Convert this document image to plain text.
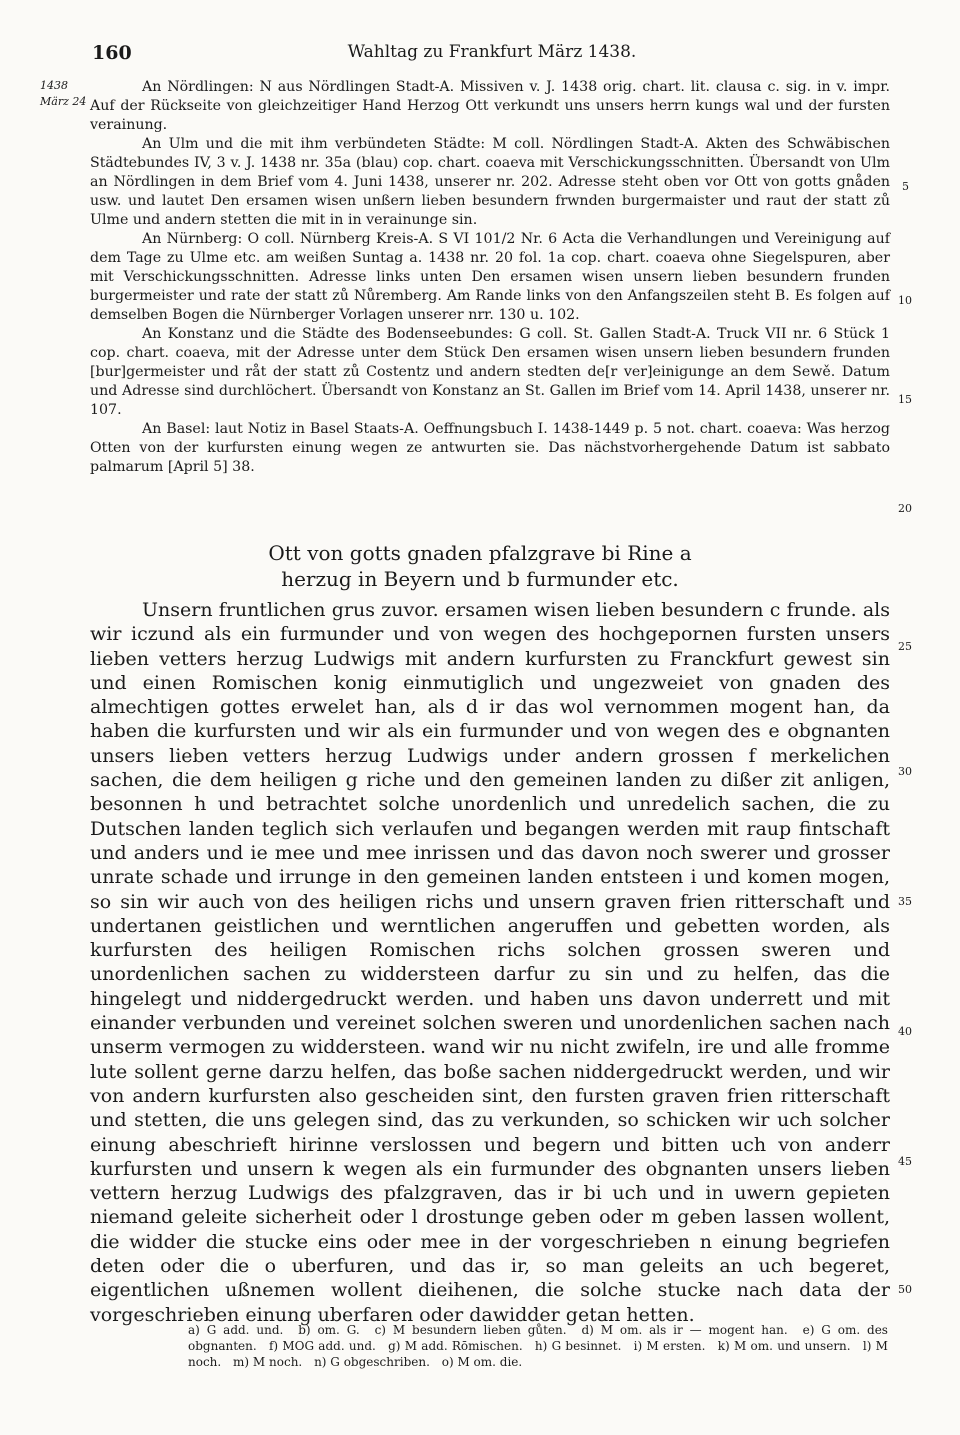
160	Wahltag zu Frankfurt März 1438.
1438
März 24

An Nördlingen: N aus Nördlingen Stadt-A. Missiven v. J. 1438 orig. chart. lit. clausa c. sig. in v. impr. Auf der Rückseite von gleichzeitiger Hand Herzog Ott verkundt uns unsers herrn kungs wal und der fursten verainung.

An Ulm und die mit ihm verbündeten Städte: M coll. Nördlingen Stadt-A. Akten des Schwäbischen Städtebundes IV, 3 v. J. 1438 nr. 35a (blau) cop. chart. coaeva mit Verschickungsschnitten. Übersandt von Ulm an Nördlingen in dem Brief vom 4. Juni 1438, unserer nr. 202. Adresse steht oben vor Ott von gotts gnåden usw. und lautet Den ersamen wisen unßern lieben besundern frwnden burgermaister und raut der statt zů Ulme und andern stetten die mit in in verainunge sin.

An Nürnberg: O coll. Nürnberg Kreis-A. S VI 101/2 Nr. 6 Acta die Verhandlungen und Vereinigung auf dem Tage zu Ulme etc. am weißen Suntag a. 1438 nr. 20 fol. 1a cop. chart. coaeva ohne Siegelspuren, aber mit Verschickungsschnitten. Adresse links unten Den ersamen wisen unsern lieben besundern frunden burgermeister und rate der statt zů Nůremberg. Am Rande links von den Anfangszeilen steht B. Es folgen auf demselben Bogen die Nürnberger Vorlagen unserer nrr. 130 u. 102.

An Konstanz und die Städte des Bodenseebundes: G coll. St. Gallen Stadt-A. Truck VII nr. 6 Stück 1 cop. chart. coaeva, mit der Adresse unter dem Stück Den ersamen wisen unsern lieben besundern frunden [bur]germeister und råt der statt zů Costentz und andern stedten de[r ver]einigunge an dem Sewě. Datum und Adresse sind durchlöchert. Übersandt von Konstanz an St. Gallen im Brief vom 14. April 1438, unserer nr. 107.

An Basel: laut Notiz in Basel Staats-A. Oeffnungsbuch I. 1438-1449 p. 5 not. chart. coaeva: Was herzog Otten von der kurfursten einung wegen ze antwurten sie. Das nächstvorhergehende Datum ist sabbato palmarum [April 5] 38.

Ott von gotts gnaden pfalzgrave bi Rine a
herzug in Beyern und b furmunder etc.

Unsern fruntlichen grus zuvor. ersamen wisen lieben besundern c frunde. als wir iczund als ein furmunder und von wegen des hochgepornen fursten unsers lieben vetters herzug Ludwigs mit andern kurfursten zu Franckfurt gewest sin und einen Romischen konig einmutiglich und ungezweiet von gnaden des almechtigen gottes erwelet han, als d ir das wol vernommen mogent han, da haben die kurfursten und wir als ein furmunder und von wegen des e obgnanten unsers lieben vetters herzug Ludwigs under andern grossen f merkelichen sachen, die dem heiligen g riche und den gemeinen landen zu dißer zit anligen, besonnen h und betrachtet solche unordenlich und unredelich sachen, die zu Dutschen landen teglich sich verlaufen und begangen werden mit raup fintschaft und anders und ie mee und mee inrissen und das davon noch swerer und grosser unrate schade und irrunge in den gemeinen landen entsteen i und komen mogen, so sin wir auch von des heiligen richs und unsern graven frien ritterschaft und undertanen geistlichen und werntlichen angeruffen und gebetten worden, als kurfursten des heiligen Romischen richs solchen grossen sweren und unordenlichen sachen zu widdersteen darfur zu sin und zu helfen, das die hingelegt und niddergedruckt werden. und haben uns davon underrett und mit einander verbunden und vereinet solchen sweren und unordenlichen sachen nach unserm vermogen zu widdersteen. wand wir nu nicht zwifeln, ire und alle fromme lute sollent gerne darzu helfen, das boße sachen niddergedruckt werden, und wir von andern kurfursten also gescheiden sint, den fursten graven frien ritterschaft und stetten, die uns gelegen sind, das zu verkunden, so schicken wir uch solcher einung abeschrieft hirinne verslossen und begern und bitten uch von anderr kurfursten und unsern k wegen als ein furmunder des obgnanten unsers lieben vettern herzug Ludwigs des pfalzgraven, das ir bi uch und in uwern gepieten niemand geleite sicherheit oder l drostunge geben oder m geben lassen wollent, die widder die stucke eins oder mee in der vorgeschrieben n einung begriefen deten oder die o uberfuren, und das ir, so man geleits an uch begeret, eigentlichen ußnemen wollent dieihenen, die solche stucke nach data der vorgeschrieben einung uberfaren oder dawidder getan hetten.

5
10
15
20
25
30
35
40
45
50
a) G add. und. b) om. G. c) M besundern lieben gůten. d) M om. als ir — mogent han. e) G om. des obgnanten. f) MOG add. und. g) M add. Rōmischen. h) G besinnet. i) M ersten. k) M om. und unsern. l) M noch. m) M noch. n) G obgeschriben. o) M om. die.
